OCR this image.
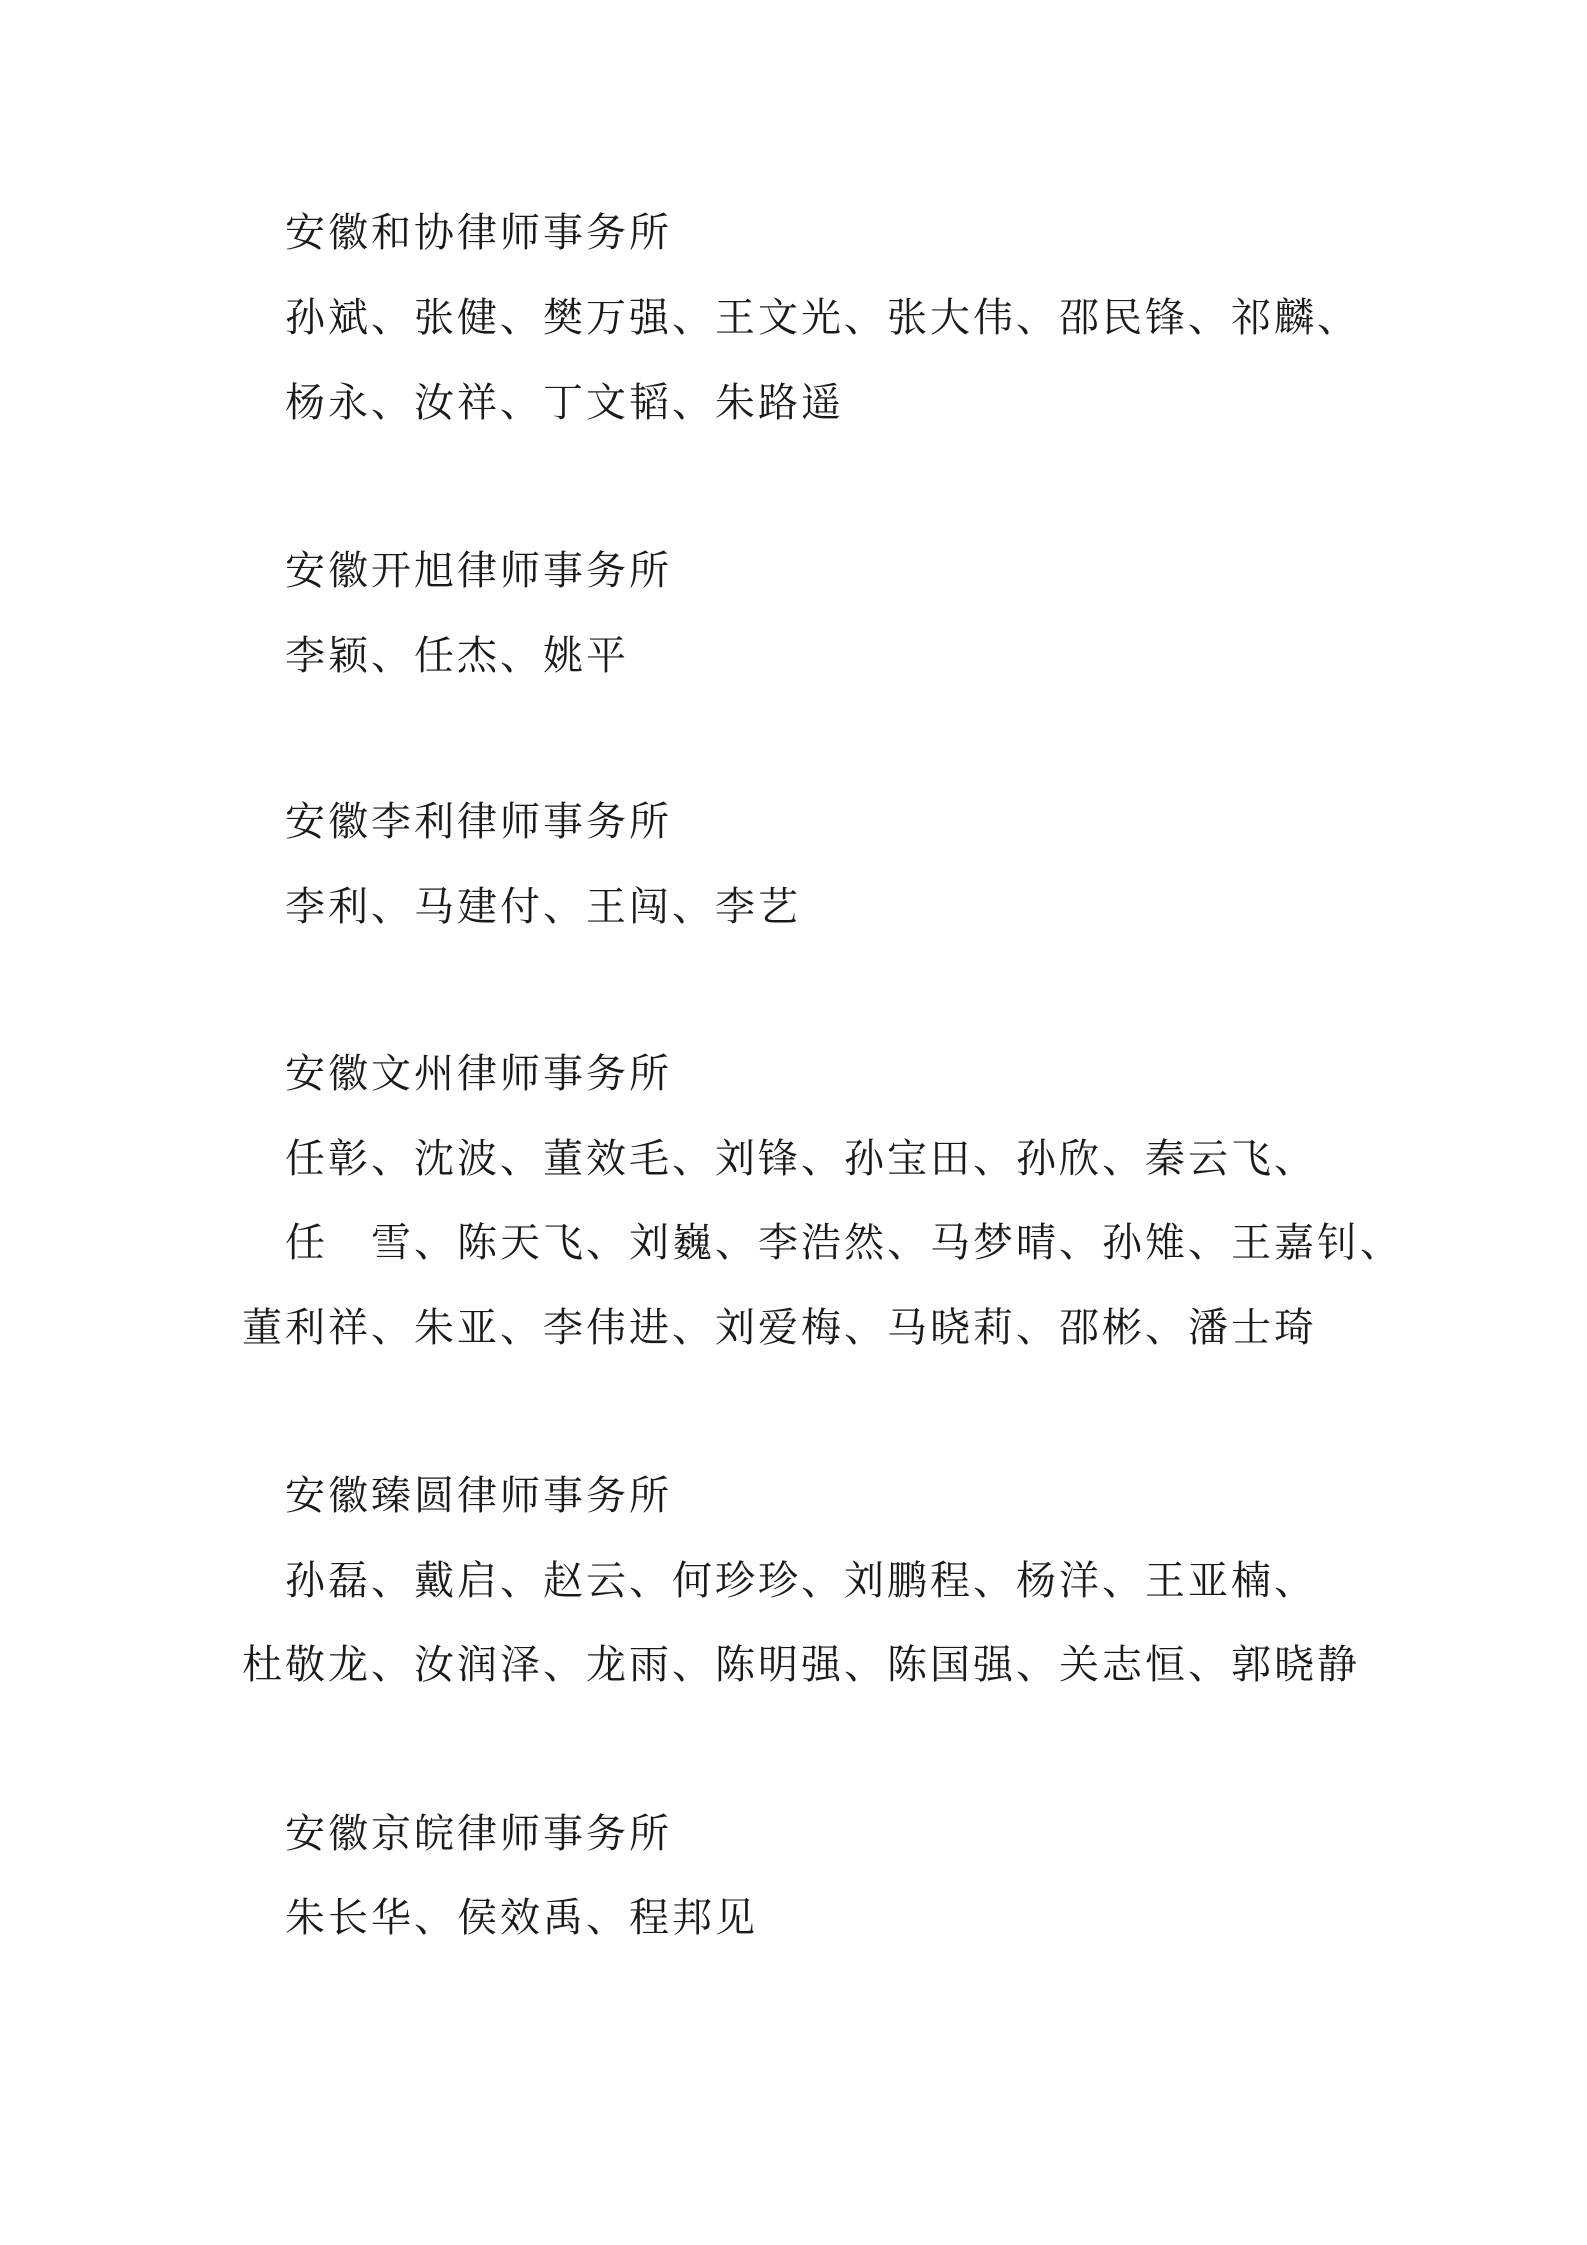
安徽和协律师事务所
孙斌、张健、樊万强、王文光、张大伟、邵民锋、祁麟、
杨永、汝祥、丁文韬、朱路遥
安徽开旭律师事务所
李颖、任杰、姚平
安徽李利律师事务所
李利、马建付、王闯、李艺
安徽文州律师事务所
任彰、沈波、董效毛、刘锋、孙宝田、孙欣、秦云飞、
任　雪、陈天飞、刘巍、李浩然、马梦晴、孙雉、王嘉钊、
董利祥、朱亚、李伟进、刘爱梅、马晓莉、邵彬、潘士琦
安徽臻圆律师事务所
孙磊、戴启、赵云、何珍珍、刘鹏程、杨洋、王亚楠、
杜敬龙、汝润泽、龙雨、陈明强、陈国强、关志恒、郭晓静
安徽京皖律师事务所
朱长华、侯效禹、程邦见
